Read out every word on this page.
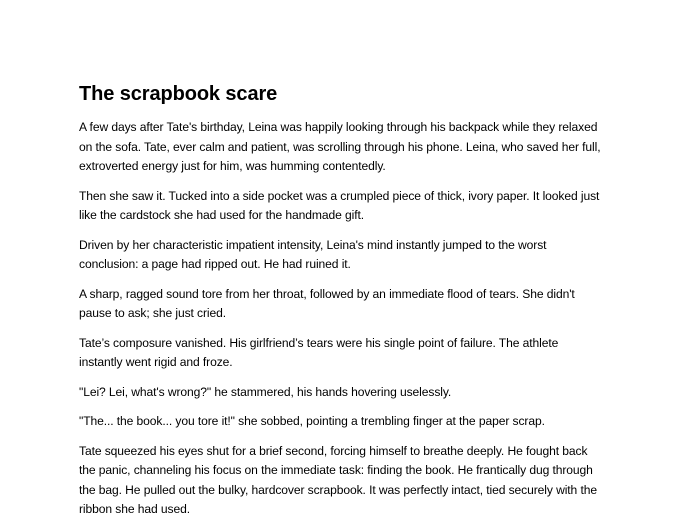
The scrapbook scare

A few days after Tate's birthday, Leina was happily looking through his backpack while they relaxed on the sofa. Tate, ever calm and patient, was scrolling through his phone. Leina, who saved her full, extroverted energy just for him, was humming contentedly.

Then she saw it. Tucked into a side pocket was a crumpled piece of thick, ivory paper. It looked just like the cardstock she had used for the handmade gift.

Driven by her characteristic impatient intensity, Leina's mind instantly jumped to the worst conclusion: a page had ripped out. He had ruined it.

A sharp, ragged sound tore from her throat, followed by an immediate flood of tears. She didn't pause to ask; she just cried.

Tate’s composure vanished. His girlfriend’s tears were his single point of failure. The athlete instantly went rigid and froze.

"Lei? Lei, what's wrong?" he stammered, his hands hovering uselessly.

"The... the book... you tore it!" she sobbed, pointing a trembling finger at the paper scrap.

Tate squeezed his eyes shut for a brief second, forcing himself to breathe deeply. He fought back the panic, channeling his focus on the immediate task: finding the book. He frantically dug through the bag. He pulled out the bulky, hardcover scrapbook. It was perfectly intact, tied securely with the ribbon she had used.
